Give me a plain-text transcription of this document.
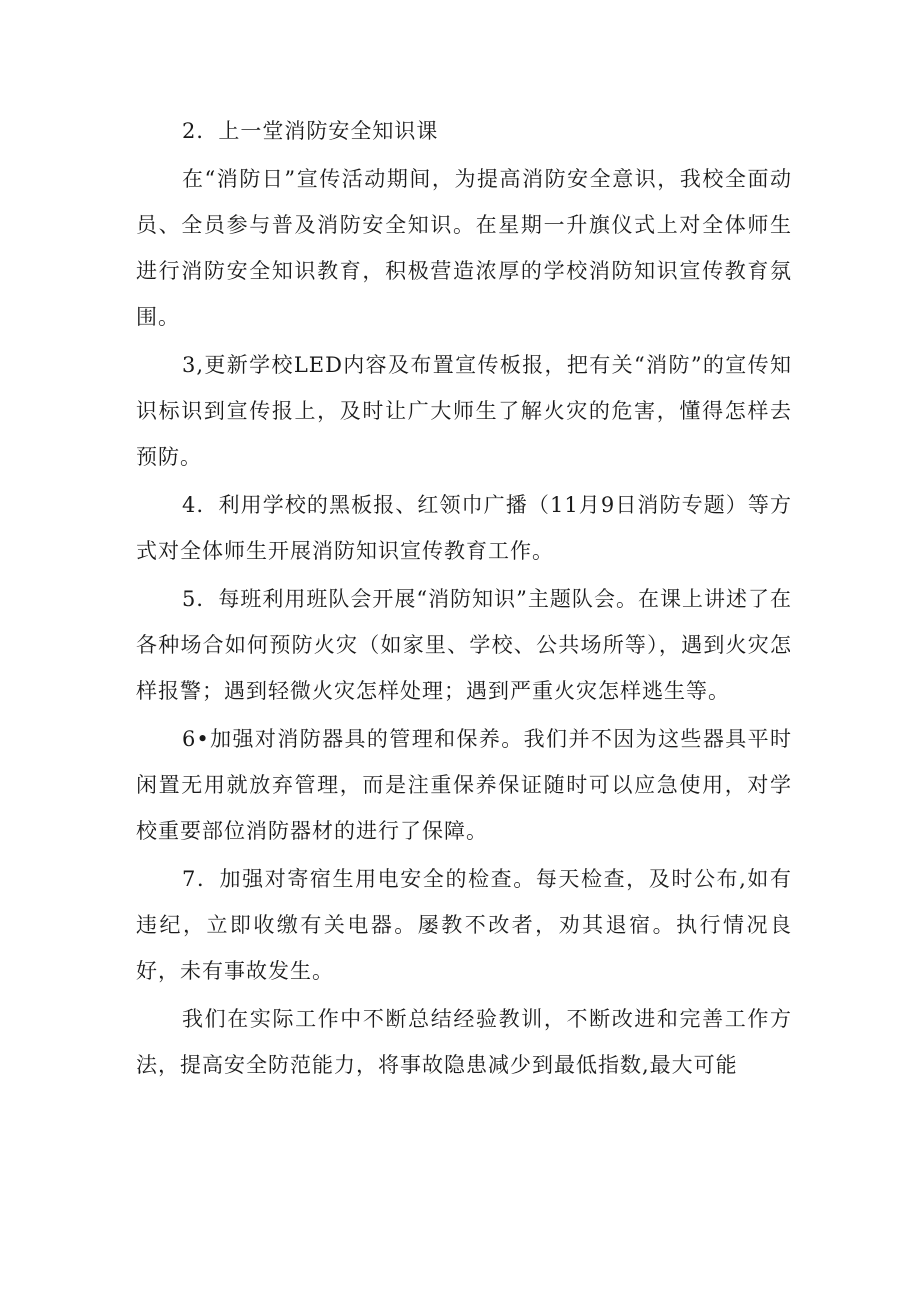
2．上一堂消防安全知识课

在“消防日”宣传活动期间，为提高消防安全意识，我校全面动员、全员参与普及消防安全知识。在星期一升旗仪式上对全体师生进行消防安全知识教育，积极营造浓厚的学校消防知识宣传教育氛围。

3,更新学校LED内容及布置宣传板报，把有关“消防”的宣传知识标识到宣传报上，及时让广大师生了解火灾的危害，懂得怎样去预防。

4．利用学校的黑板报、红领巾广播（11月9日消防专题）等方式对全体师生开展消防知识宣传教育工作。

5．每班利用班队会开展“消防知识”主题队会。在课上讲述了在各种场合如何预防火灾（如家里、学校、公共场所等），遇到火灾怎样报警；遇到轻微火灾怎样处理；遇到严重火灾怎样逃生等。

6•加强对消防器具的管理和保养。我们并不因为这些器具平时闲置无用就放弃管理，而是注重保养保证随时可以应急使用，对学校重要部位消防器材的进行了保障。

7．加强对寄宿生用电安全的检查。每天检查，及时公布,如有违纪，立即收缴有关电器。屡教不改者，劝其退宿。执行情况良好，未有事故发生。

我们在实际工作中不断总结经验教训，不断改进和完善工作方法，提高安全防范能力，将事故隐患减少到最低指数,最大可能
